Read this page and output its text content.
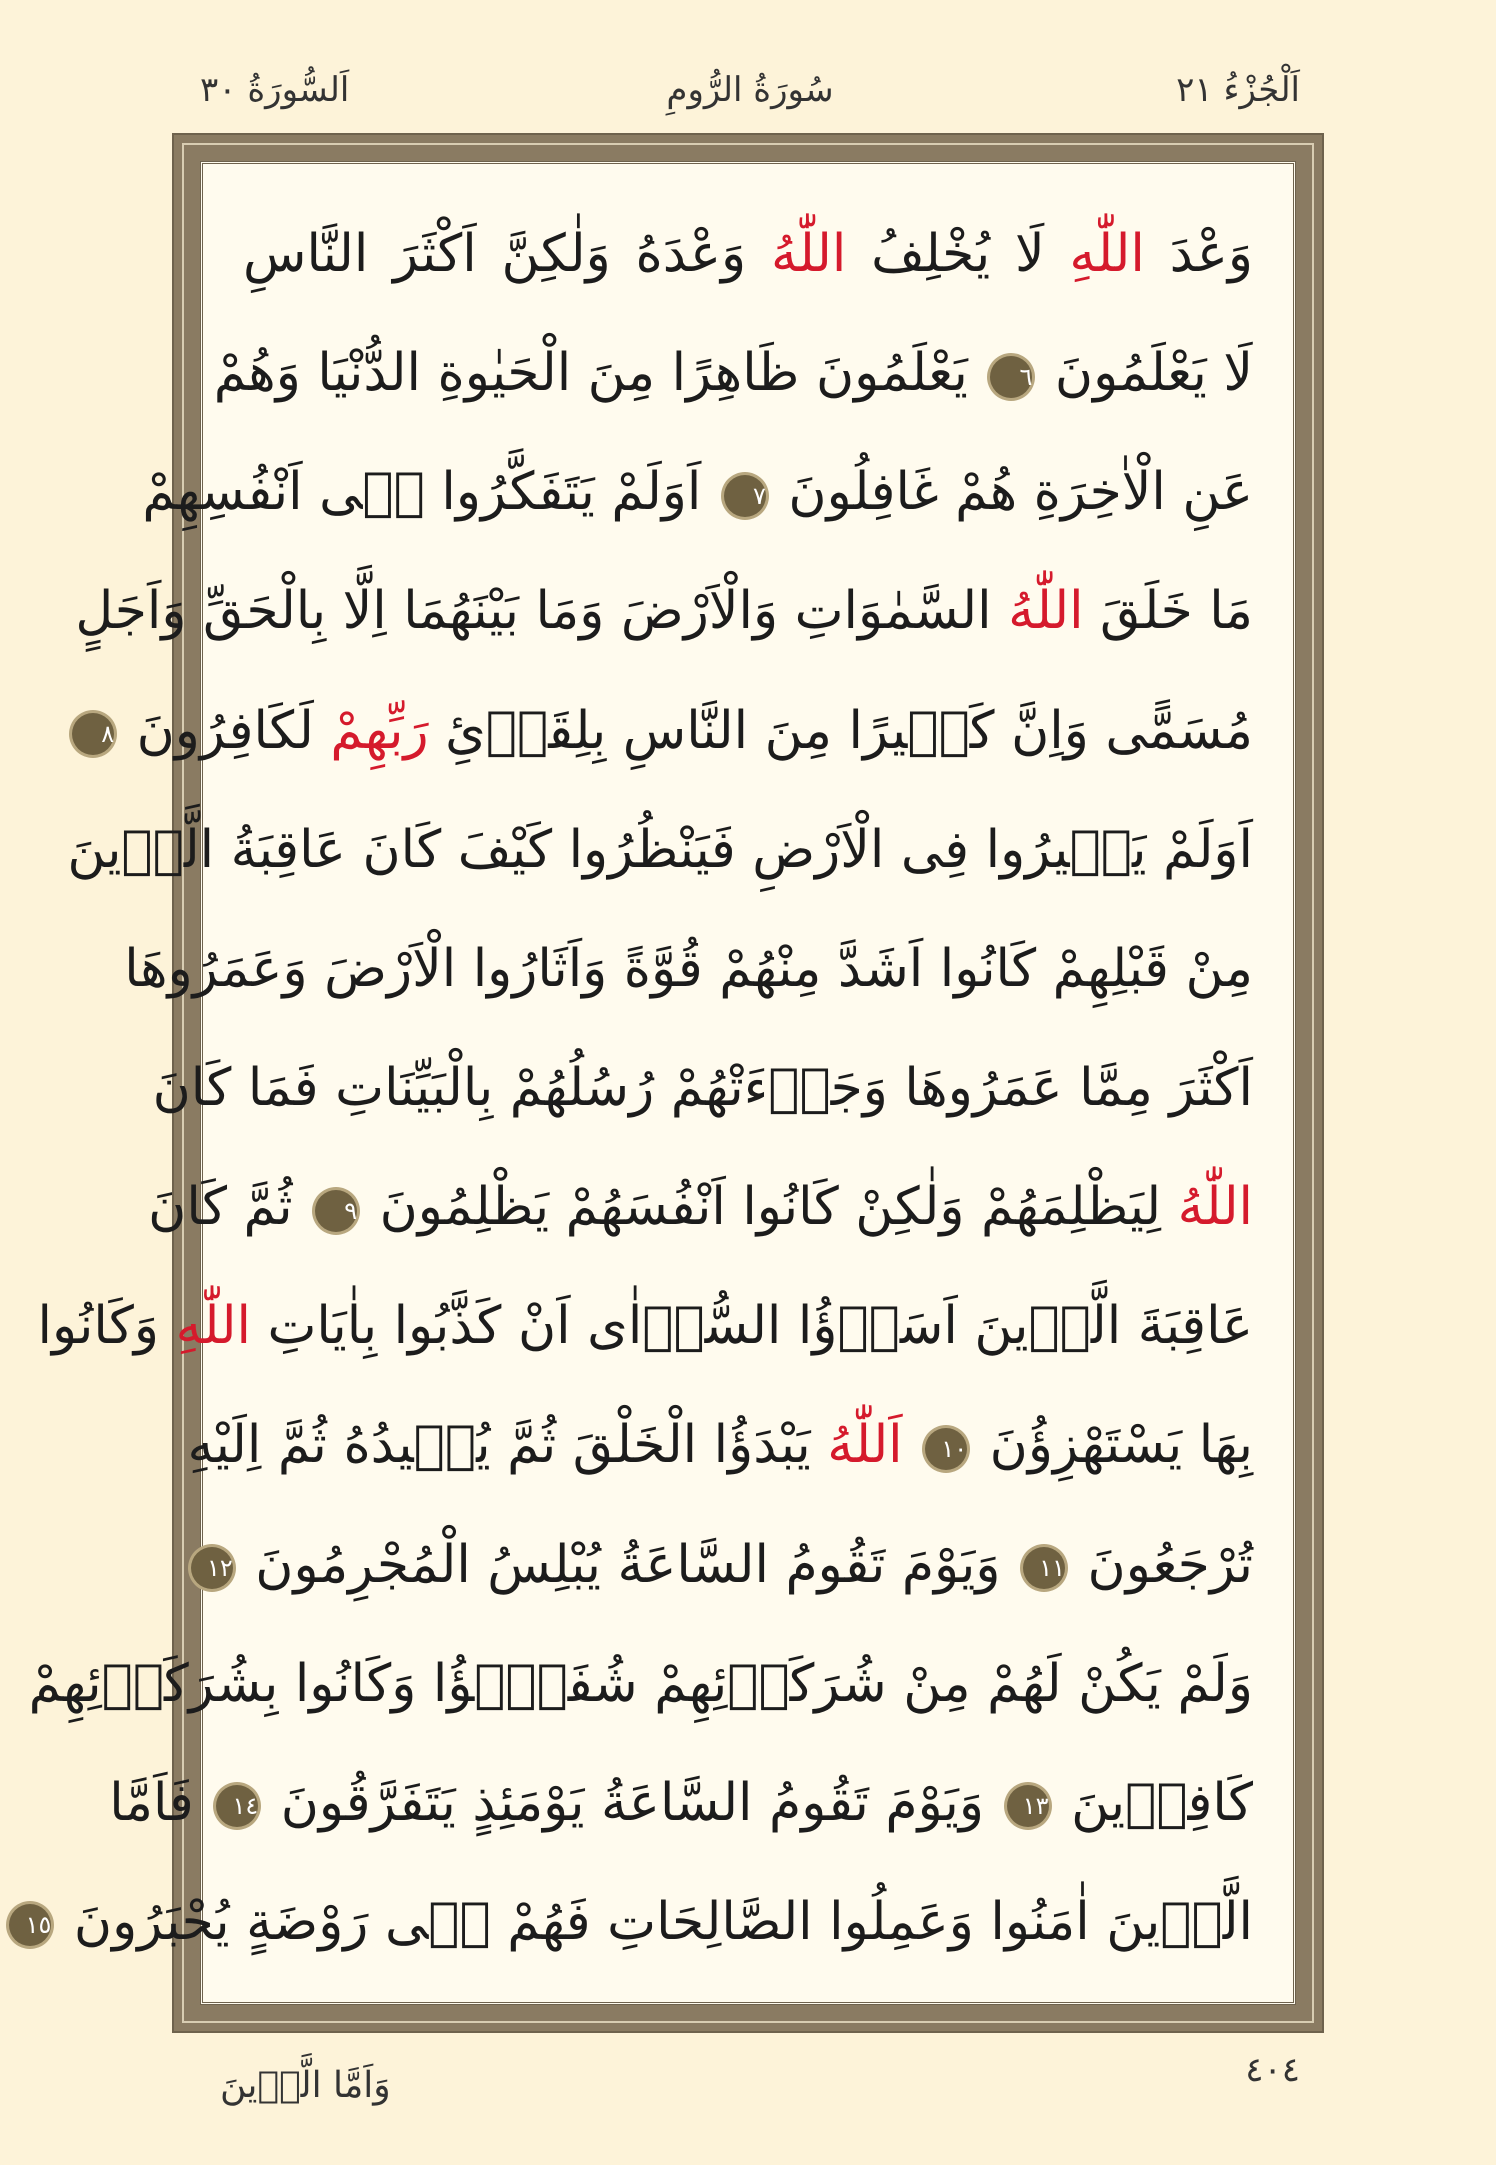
اَلْجُزْءُ ٢١
سُورَةُ الرُّومِ
اَلسُّورَةُ ٣٠
وَعْدَ اللّٰهِ لَا يُخْلِفُ اللّٰهُ وَعْدَهُ وَلٰكِنَّ اَكْثَرَ النَّاسِ
لَا يَعْلَمُونَ ٦ يَعْلَمُونَ ظَاهِرًا مِنَ الْحَيٰوةِ الدُّنْيَا وَهُمْ
عَنِ الْاٰخِرَةِ هُمْ غَافِلُونَ ٧ اَوَلَمْ يَتَفَكَّرُوا فٖى اَنْفُسِهِمْ
مَا خَلَقَ اللّٰهُ السَّمٰوَاتِ وَالْاَرْضَ وَمَا بَيْنَهُمَا اِلَّا بِالْحَقِّ وَاَجَلٍ
مُسَمًّى وَاِنَّ كَثٖيرًا مِنَ النَّاسِ بِلِقَاۤئِ رَبِّهِمْ لَكَافِرُونَ ٨
اَوَلَمْ يَسٖيرُوا فِى الْاَرْضِ فَيَنْظُرُوا كَيْفَ كَانَ عَاقِبَةُ الَّذٖينَ
مِنْ قَبْلِهِمْ كَانُوا اَشَدَّ مِنْهُمْ قُوَّةً وَاَثَارُوا الْاَرْضَ وَعَمَرُوهَا
اَكْثَرَ مِمَّا عَمَرُوهَا وَجَاۤءَتْهُمْ رُسُلُهُمْ بِالْبَيِّنَاتِ فَمَا كَانَ
اللّٰهُ لِيَظْلِمَهُمْ وَلٰكِنْ كَانُوا اَنْفُسَهُمْ يَظْلِمُونَ ٩ ثُمَّ كَانَ
عَاقِبَةَ الَّذٖينَ اَسَاۤؤُا السُّوۤاٰى اَنْ كَذَّبُوا بِاٰيَاتِ اللّٰهِ وَكَانُوا
بِهَا يَسْتَهْزِؤُنَ ١٠ اَللّٰهُ يَبْدَؤُا الْخَلْقَ ثُمَّ يُعٖيدُهُ ثُمَّ اِلَيْهِ
تُرْجَعُونَ ١١ وَيَوْمَ تَقُومُ السَّاعَةُ يُبْلِسُ الْمُجْرِمُونَ ١٢
وَلَمْ يَكُنْ لَهُمْ مِنْ شُرَكَاۤئِهِمْ شُفَعٰۤؤُا وَكَانُوا بِشُرَكَاۤئِهِمْ
كَافِرٖينَ ١٣ وَيَوْمَ تَقُومُ السَّاعَةُ يَوْمَئِذٍ يَتَفَرَّقُونَ ١٤ فَاَمَّا
الَّذٖينَ اٰمَنُوا وَعَمِلُوا الصَّالِحَاتِ فَهُمْ فٖى رَوْضَةٍ يُحْبَرُونَ ١٥
٤٠٤
وَاَمَّا الَّذٖينَ
